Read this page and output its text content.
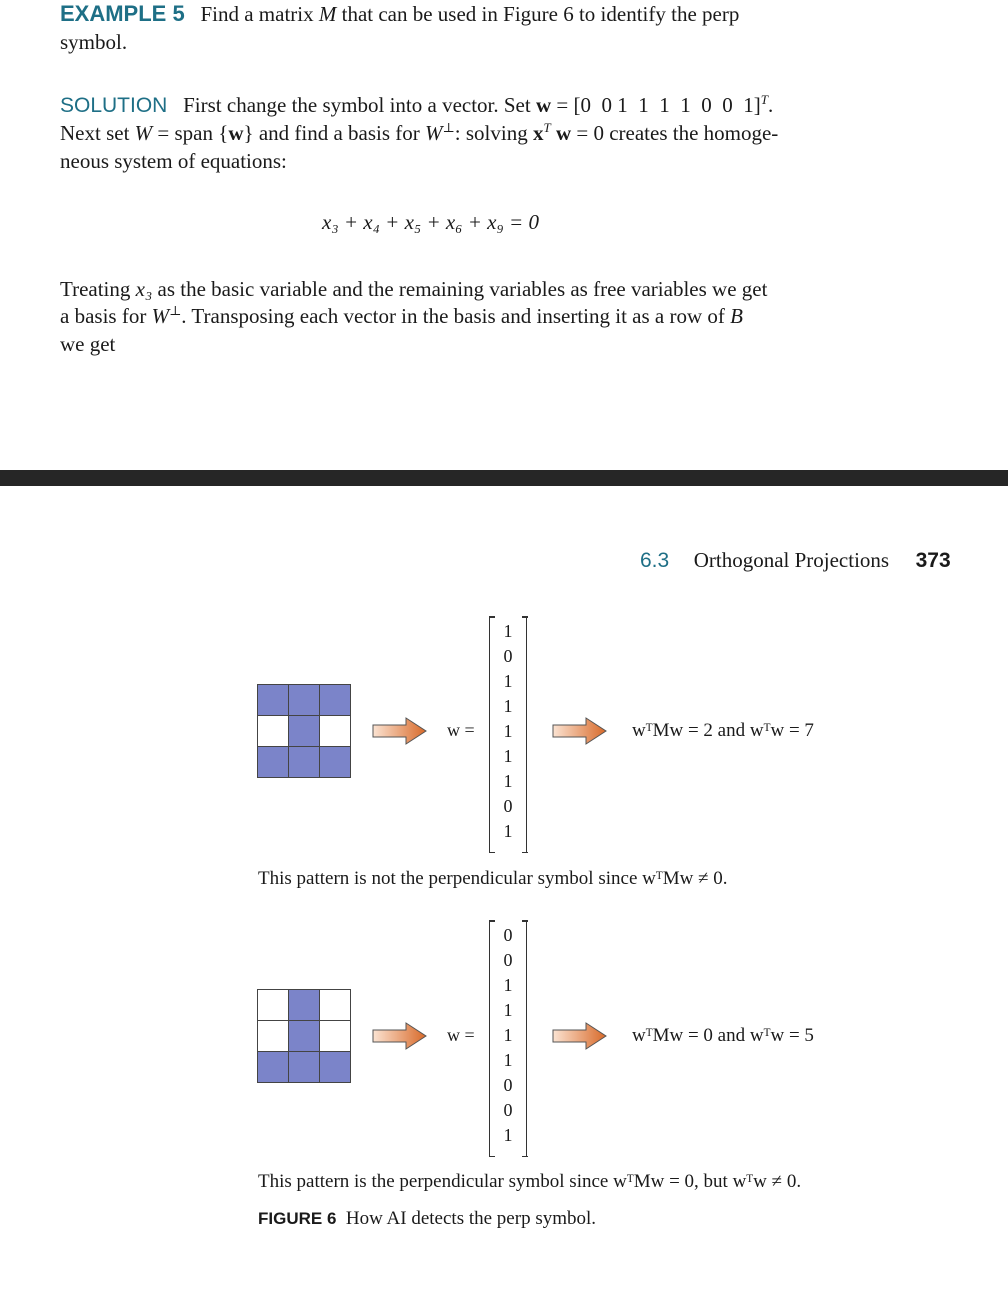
EXAMPLE 5 Find a matrix M that can be used in Figure 6 to identify the perp
symbol.
SOLUTION First change the symbol into a vector. Set w = [0  0 1  1  1  1  0  0  1]$^T$.
Next set W = span {w} and find a basis for W⊥: solving $x^T$ w = 0 creates the homoge-
neous system of equations:
x₃ + x₄ + x₅ + x₆ + x₉ = 0
Treating x₃ as the basic variable and the remaining variables as free variables we get
a basis for W⊥. Transposing each vector in the basis and inserting it as a row of B
we get
6.3 Orthogonal Projections 373
w =
1
0
1
1
1
1
1
0
1
wᵀMw = 2 and wᵀw = 7
This pattern is not the perpendicular symbol since wᵀMw ≠ 0.
w =
0
0
1
1
1
1
0
0
1
wᵀMw = 0 and wᵀw = 5
This pattern is the perpendicular symbol since wᵀMw = 0, but wᵀw ≠ 0.
FIGURE 6 How AI detects the perp symbol.
